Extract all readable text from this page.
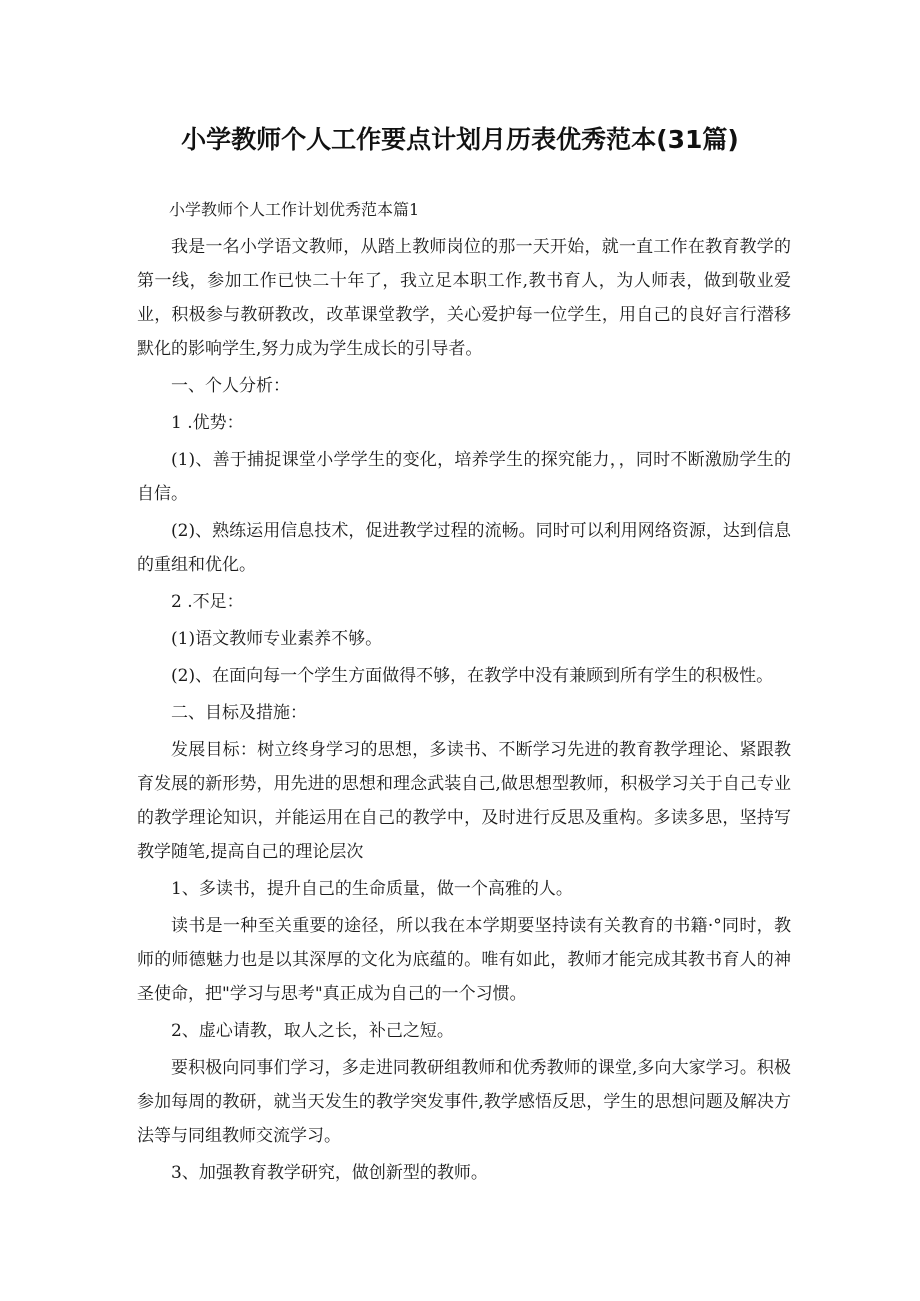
小学教师个人工作要点计划月历表优秀范本(31篇)

小学教师个人工作计划优秀范本篇1

我是一名小学语文教师，从踏上教师岗位的那一天开始，就一直工作在教育教学的第一线，参加工作已快二十年了，我立足本职工作,教书育人，为人师表，做到敬业爱业，积极参与教研教改，改革课堂教学，关心爱护每一位学生，用自己的良好言行潜移默化的影响学生,努力成为学生成长的引导者。

一、个人分析：

1 .优势：

(1)、善于捕捉课堂小学学生的变化，培养学生的探究能力，，同时不断激励学生的自信。

(2)、熟练运用信息技术，促进教学过程的流畅。同时可以利用网络资源，达到信息的重组和优化。

2 .不足：

(1)语文教师专业素养不够。

(2)、在面向每一个学生方面做得不够，在教学中没有兼顾到所有学生的积极性。

二、目标及措施：

发展目标：树立终身学习的思想，多读书、不断学习先进的教育教学理论、紧跟教育发展的新形势，用先进的思想和理念武装自己,做思想型教师，积极学习关于自己专业的教学理论知识，并能运用在自己的教学中，及时进行反思及重构。多读多思，坚持写教学随笔,提高自己的理论层次

1、多读书，提升自己的生命质量，做一个高雅的人。

读书是一种至关重要的途径，所以我在本学期要坚持读有关教育的书籍·°同时，教师的师德魅力也是以其深厚的文化为底蕴的。唯有如此，教师才能完成其教书育人的神圣使命，把"学习与思考"真正成为自己的一个习惯。

2、虚心请教，取人之长，补己之短。

要积极向同事们学习，多走进同教研组教师和优秀教师的课堂,多向大家学习。积极参加每周的教研，就当天发生的教学突发事件,教学感悟反思，学生的思想问题及解决方法等与同组教师交流学习。

3、加强教育教学研究，做创新型的教师。
